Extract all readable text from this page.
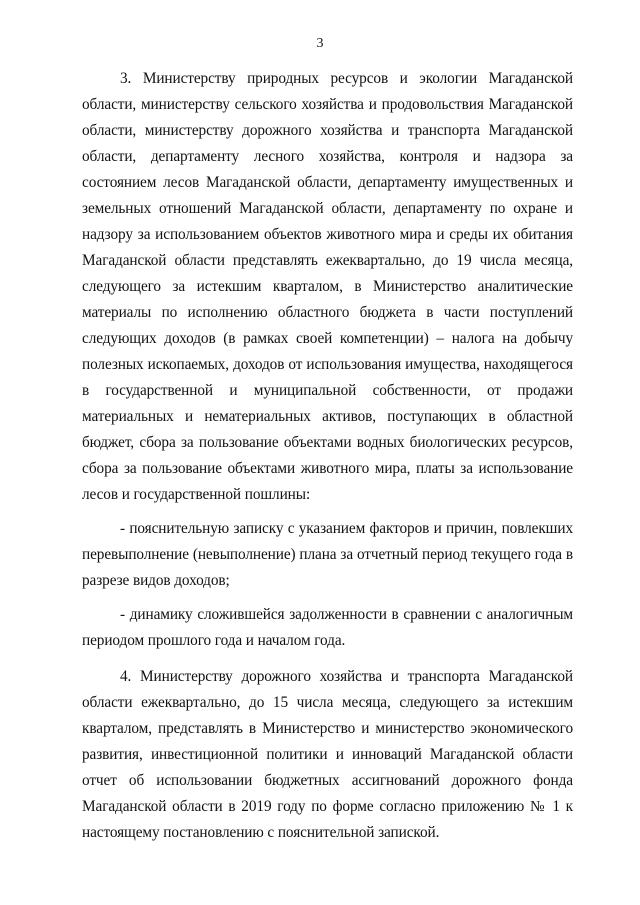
3

3. Министерству природных ресурсов и экологии Магаданской области, министерству сельского хозяйства и продовольствия Магаданской области, министерству дорожного хозяйства и транспорта Магаданской области, департаменту лесного хозяйства, контроля и надзора за состоянием лесов Магаданской области, департаменту имущественных и земельных отношений Магаданской области, департаменту по охране и надзору за использованием объектов животного мира и среды их обитания Магаданской области представлять ежеквартально, до 19 числа месяца, следующего за истекшим кварталом, в Министерство аналитические материалы по исполнению областного бюджета в части поступлений следующих доходов (в рамках своей компетенции) – налога на добычу полезных ископаемых, доходов от использования имущества, находящегося в государственной и муниципальной собственности, от продажи материальных и нематериальных активов, поступающих в областной бюджет, сбора за пользование объектами водных биологических ресурсов, сбора за пользование объектами животного мира, платы за использование лесов и государственной пошлины:

- пояснительную записку с указанием факторов и причин, повлекших перевыполнение (невыполнение) плана за отчетный период текущего года в разрезе видов доходов;

- динамику сложившейся задолженности в сравнении с аналогичным периодом прошлого года и началом года.

4. Министерству дорожного хозяйства и транспорта Магаданской области ежеквартально, до 15 числа месяца, следующего за истекшим кварталом, представлять в Министерство и министерство экономического развития, инвестиционной политики и инноваций Магаданской области отчет об использовании бюджетных ассигнований дорожного фонда Магаданской области в 2019 году по форме согласно приложению № 1 к настоящему постановлению с пояснительной запиской.
